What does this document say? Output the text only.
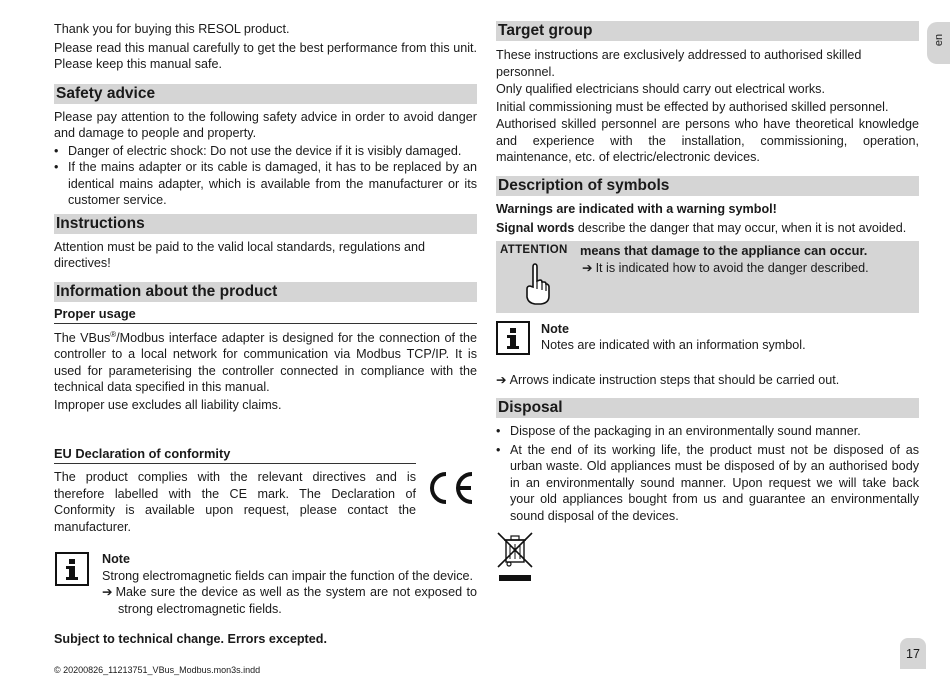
Thank you for buying this RESOL product.

Please read this manual carefully to get the best performance from this unit. Please keep this manual safe.

Safety advice

Please pay attention to the following safety advice in order to avoid danger and damage to people and property.

• Danger of electric shock: Do not use the device if it is visibly damaged.
• If the mains adapter or its cable is damaged, it has to be replaced by an identical mains adapter, which is available from the manufacturer or its customer service.
Instructions

Attention must be paid to the valid local standards, regulations and directives!

Information about the product
Proper usage

The VBus®/Modbus interface adapter is designed for the connection of the controller to a local network for communication via Modbus TCP/IP. It is used for parameterising the controller connected in compliance with the technical data specified in this manual.

Improper use excludes all liability claims.

EU Declaration of conformity

The product complies with the relevant directives and is therefore labelled with the CE mark. The Declaration of Conformity is available upon request, please contact the manufacturer.

Note

Strong electromagnetic fields can impair the function of the device.

➔ Make sure the device as well as the system are not exposed to strong electromagnetic fields.

Subject to technical change. Errors excepted.

© 20200826_11213751_VBus_Modbus.mon3s.indd

Target group

These instructions are exclusively addressed to authorised skilled personnel.

Only qualified electricians should carry out electrical works.

Initial commissioning must be effected by authorised skilled personnel.

Authorised skilled personnel are persons who have theoretical knowledge and experience with the installation, commissioning, operation, maintenance, etc. of electric/electronic devices.

Description of symbols

Warnings are indicated with a warning symbol!

Signal words describe the danger that may occur, when it is not avoided.

ATTENTION means that damage to the appliance can occur.

➔ It is indicated how to avoid the danger described.

Note

Notes are indicated with an information symbol.

➔ Arrows indicate instruction steps that should be carried out.

Disposal
• Dispose of the packaging in an environmentally sound manner.
• At the end of its working life, the product must not be disposed of as urban waste. Old appliances must be disposed of by an authorised body in an environmentally sound manner. Upon request we will take back your old appliances bought from us and guarantee an environmentally sound disposal of the devices.
en
17
